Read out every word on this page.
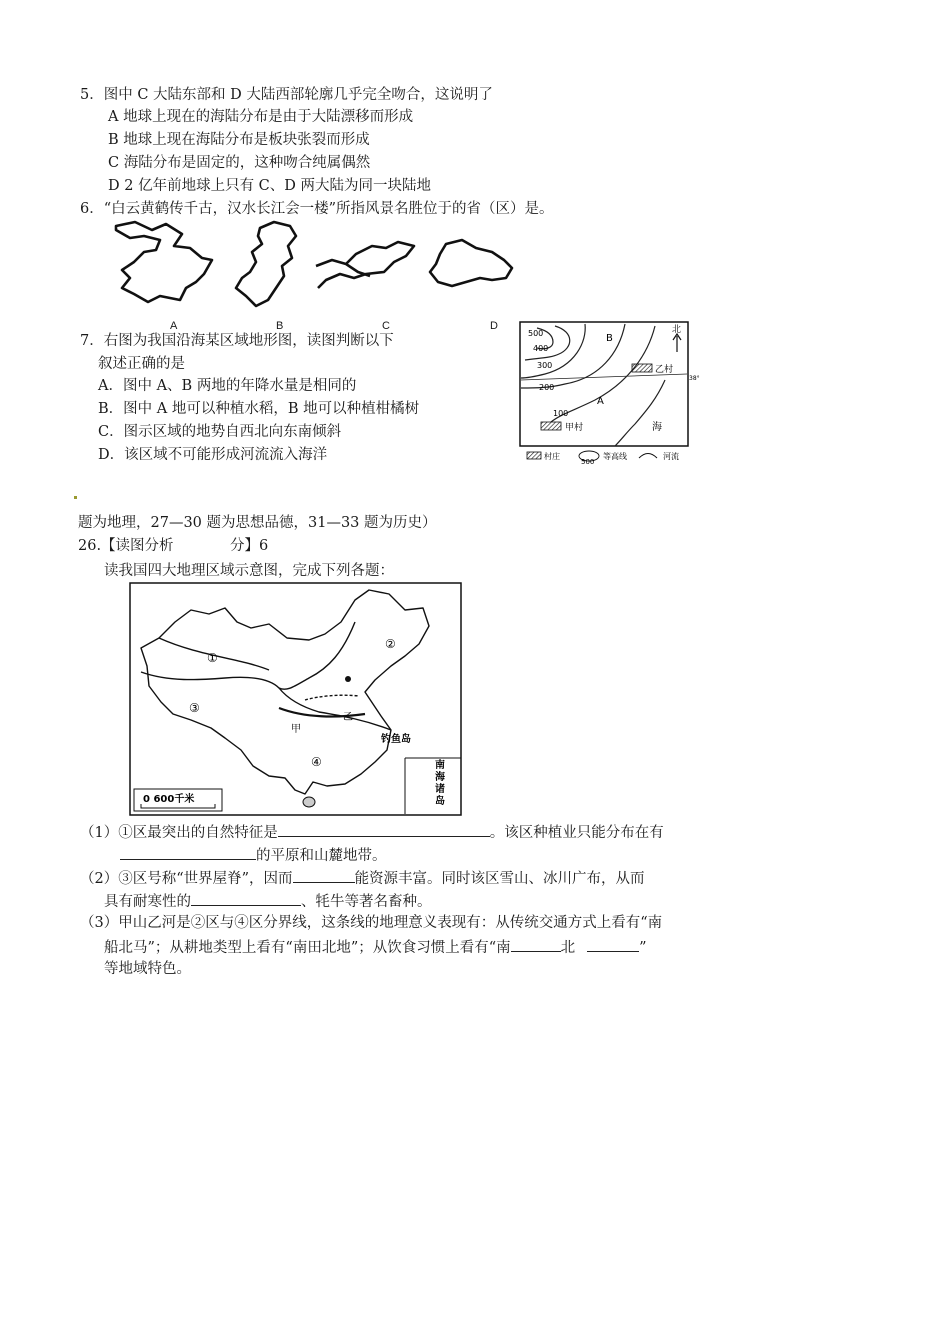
5．图中 C 大陆东部和 D 大陆西部轮廓几乎完全吻合，这说明了
A 地球上现在的海陆分布是由于大陆漂移而形成
B 地球上现在海陆分布是板块张裂而形成
C 海陆分布是固定的，这种吻合纯属偶然
D 2 亿年前地球上只有 C、D 两大陆为同一块陆地
6．“白云黄鹤传千古，汉水长江会一楼”所指风景名胜位于的省（区）是。
A	B	C	D
7．右图为我国沿海某区域地形图，读图判断以下
叙述正确的是
A．图中 A、B 两地的年降水量是相同的
B．图中 A 地可以种植水稻，B 地可以种植柑橘树
C．图示区域的地势自西北向东南倾斜
D．该区域不可能形成河流流入海洋
500
400
300
200
100
B
A
北
乙村
38°
甲村	海
村庄
500
等高线	河流
题为地理，27—30 题为思想品德，31—33 题为历史）
26.【读图分析	分】6
读我国四大地理区域示意图，完成下列各题：
①
②
③
④
甲
乙
钓鱼岛
南
海
诸
岛
0 600千米
（1）①区最突出的自然特征是	。该区种植业只能分布在有
的平原和山麓地带。
（2）③区号称“世界屋脊”，因而	能资源丰富。同时该区雪山、冰川广布，从而
具有耐寒性的	、牦牛等著名畜种。
（3）甲山乙河是②区与④区分界线，这条线的地理意义表现有：从传统交通方式上看有“南
船北马”；从耕地类型上看有“南田北地”；从饮食习惯上看有“南	北	”
等地域特色。
